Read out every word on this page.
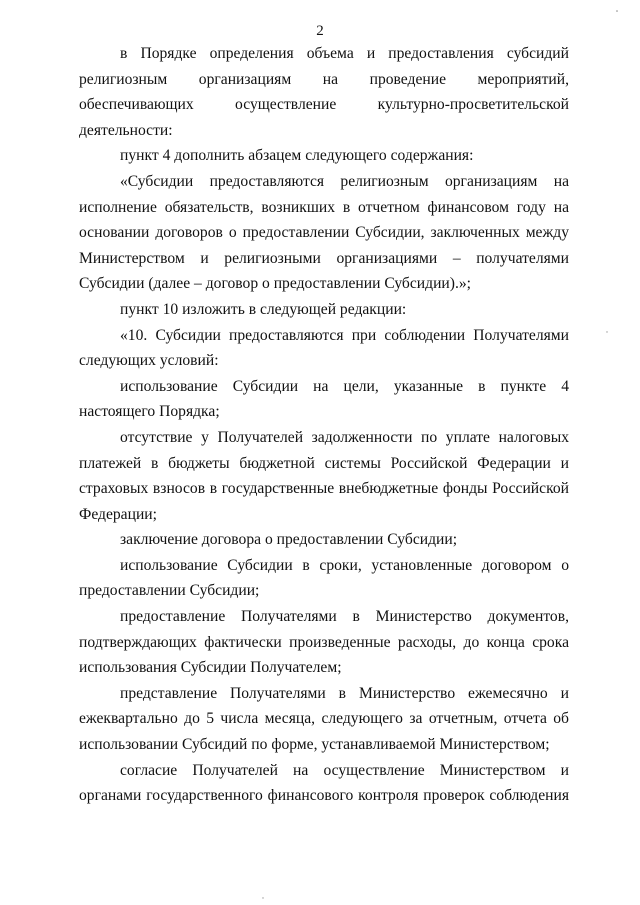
2

в Порядке определения объема и предоставления субсидий религиозным организациям на проведение мероприятий, обеспечивающих осуществление культурно-просветительской деятельности:

пункт 4 дополнить абзацем следующего содержания:

«Субсидии предоставляются религиозным организациям на исполнение обязательств, возникших в отчетном финансовом году на основании договоров о предоставлении Субсидии, заключенных между Министерством и религиозными организациями – получателями Субсидии (далее – договор о предоставлении Субсидии).»;

пункт 10 изложить в следующей редакции:

«10. Субсидии предоставляются при соблюдении Получателями следующих условий:

использование Субсидии на цели, указанные в пункте 4 настоящего Порядка;

отсутствие у Получателей задолженности по уплате налоговых платежей в бюджеты бюджетной системы Российской Федерации и страховых взносов в государственные внебюджетные фонды Российской Федерации;

заключение договора о предоставлении Субсидии;

использование Субсидии в сроки, установленные договором о предоставлении Субсидии;

предоставление Получателями в Министерство документов, подтверждающих фактически произведенные расходы, до конца срока использования Субсидии Получателем;

представление Получателями в Министерство ежемесячно и ежеквартально до 5 числа месяца, следующего за отчетным, отчета об использовании Субсидий по форме, устанавливаемой Министерством;

согласие Получателей на осуществление Министерством и органами государственного финансового контроля проверок соблюдения
